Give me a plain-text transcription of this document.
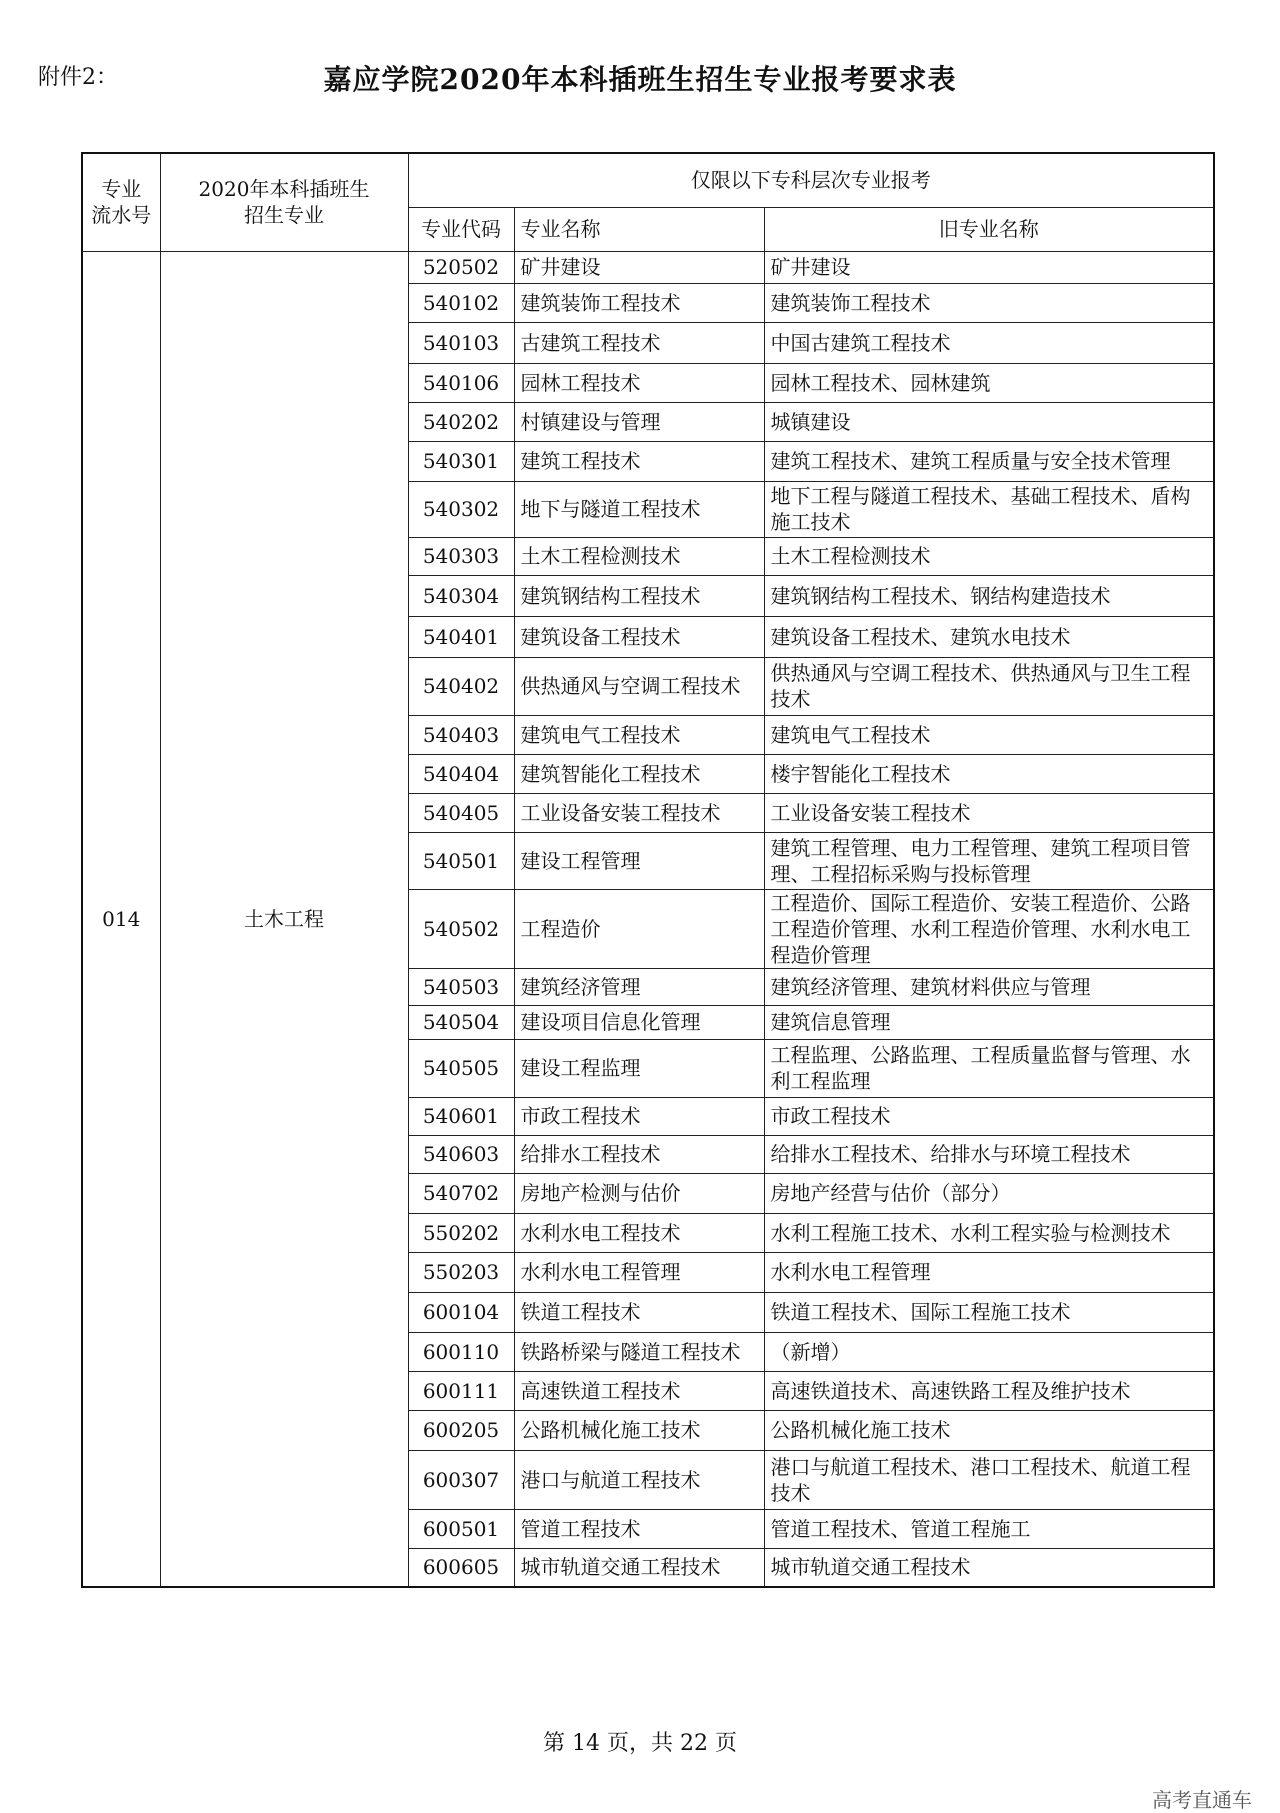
附件2：	嘉应学院2020年本科插班生招生专业报考要求表
专业
流水号	2020年本科插班生
招生专业	仅限以下专科层次专业报考		
		专业代码	专业名称	旧专业名称
014	土木工程	520502	矿井建设	矿井建设
		540102	建筑装饰工程技术	建筑装饰工程技术
		540103	古建筑工程技术	中国古建筑工程技术
		540106	园林工程技术	园林工程技术、园林建筑
		540202	村镇建设与管理	城镇建设
		540301	建筑工程技术	建筑工程技术、建筑工程质量与安全技术管理
		540302	地下与隧道工程技术	地下工程与隧道工程技术、基础工程技术、盾构施工技术
		540303	土木工程检测技术	土木工程检测技术
		540304	建筑钢结构工程技术	建筑钢结构工程技术、钢结构建造技术
		540401	建筑设备工程技术	建筑设备工程技术、建筑水电技术
		540402	供热通风与空调工程技术	供热通风与空调工程技术、供热通风与卫生工程技术
		540403	建筑电气工程技术	建筑电气工程技术
		540404	建筑智能化工程技术	楼宇智能化工程技术
		540405	工业设备安装工程技术	工业设备安装工程技术
		540501	建设工程管理	建筑工程管理、电力工程管理、建筑工程项目管理、工程招标采购与投标管理
		540502	工程造价	工程造价、国际工程造价、安装工程造价、公路工程造价管理、水利工程造价管理、水利水电工程造价管理
		540503	建筑经济管理	建筑经济管理、建筑材料供应与管理
		540504	建设项目信息化管理	建筑信息管理
		540505	建设工程监理	工程监理、公路监理、工程质量监督与管理、水利工程监理
		540601	市政工程技术	市政工程技术
		540603	给排水工程技术	给排水工程技术、给排水与环境工程技术
		540702	房地产检测与估价	房地产经营与估价（部分）
		550202	水利水电工程技术	水利工程施工技术、水利工程实验与检测技术
		550203	水利水电工程管理	水利水电工程管理
		600104	铁道工程技术	铁道工程技术、国际工程施工技术
		600110	铁路桥梁与隧道工程技术	（新增）
		600111	高速铁道工程技术	高速铁道技术、高速铁路工程及维护技术
		600205	公路机械化施工技术	公路机械化施工技术
		600307	港口与航道工程技术	港口与航道工程技术、港口工程技术、航道工程技术
		600501	管道工程技术	管道工程技术、管道工程施工
		600605	城市轨道交通工程技术	城市轨道交通工程技术
第 14 页，共 22 页
高考直通车
